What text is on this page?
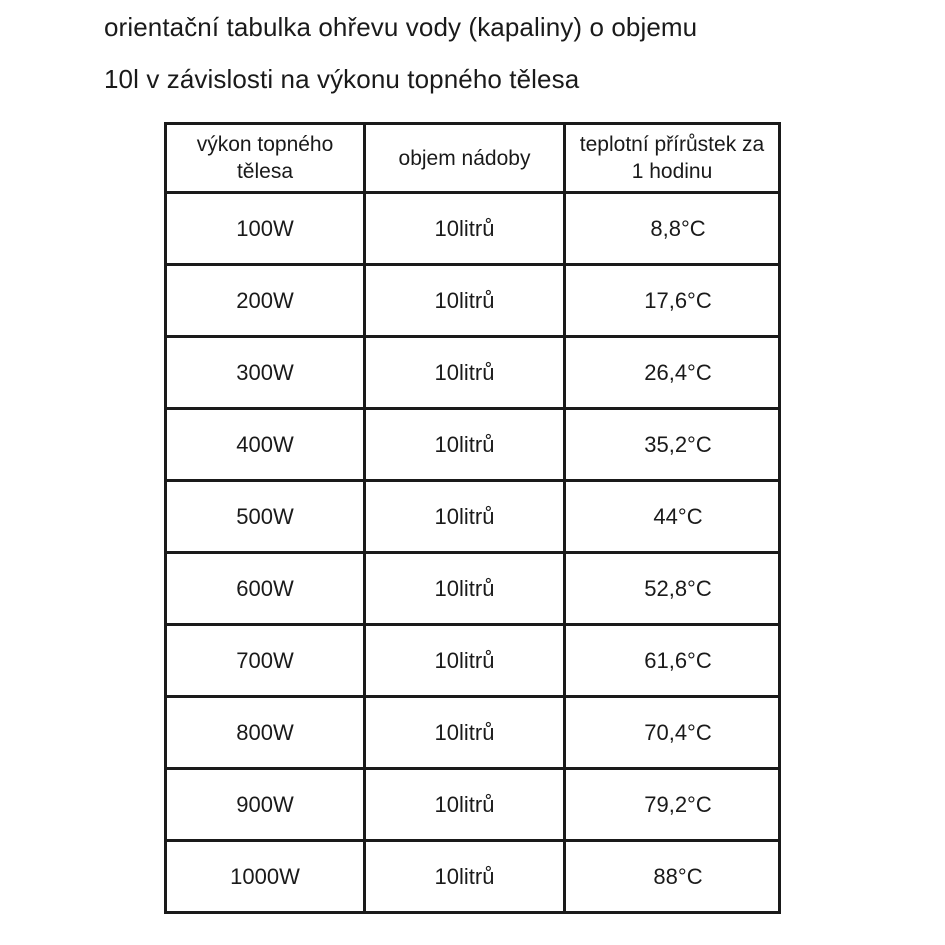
orientační tabulka ohřevu vody (kapaliny) o objemu
10l v závislosti na výkonu topného tělesa
výkon topného tělesa	objem nádoby	teplotní přírůstek za 1 hodinu
100W	10litrů	8,8°C
200W	10litrů	17,6°C
300W	10litrů	26,4°C
400W	10litrů	35,2°C
500W	10litrů	44°C
600W	10litrů	52,8°C
700W	10litrů	61,6°C
800W	10litrů	70,4°C
900W	10litrů	79,2°C
1000W	10litrů	88°C
